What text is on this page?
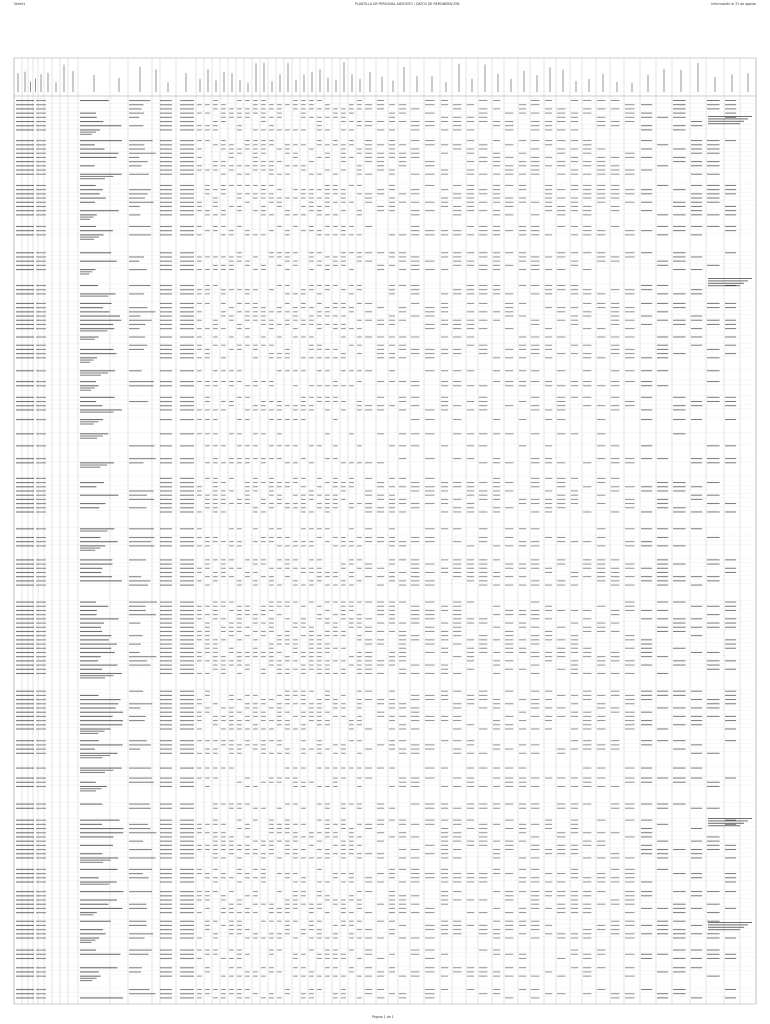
Sheet1	PLANTILLA DE PERSONAL ADSCRITO / DATOS DE REMUNERACIÓN	Información al 31 de agosto
Página 1 de 1
